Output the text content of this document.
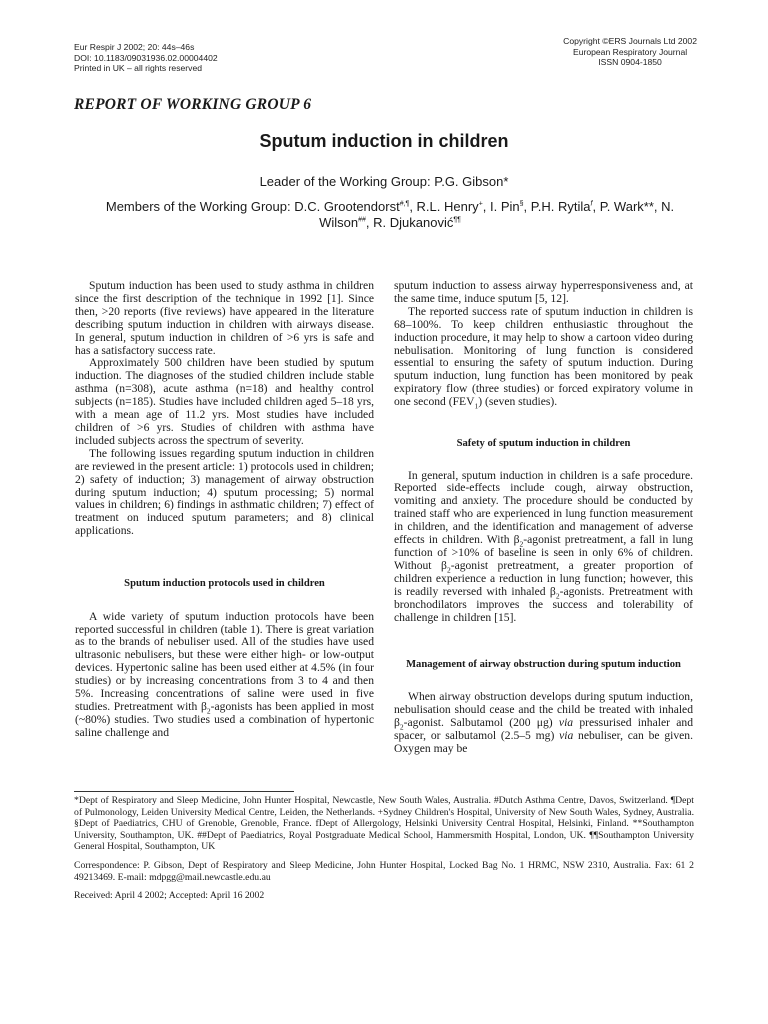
Eur Respir J 2002; 20: 44s–46s
DOI: 10.1183/09031936.02.00004402
Printed in UK – all rights reserved
Copyright ©ERS Journals Ltd 2002
European Respiratory Journal
ISSN 0904-1850
REPORT OF WORKING GROUP 6
Sputum induction in children

Leader of the Working Group: P.G. Gibson*

Members of the Working Group: D.C. Grootendorst#,¶, R.L. Henry+, I. Pin§, P.H. Rytila$^f$, P. Wark**, N. Wilson##, R. Djukanović¶¶

Sputum induction has been used to study asthma in children since the first description of the technique in 1992 [1]. Since then, >20 reports (five reviews) have appeared in the literature describing sputum induction in children with airways disease. In general, sputum induction in children of >6 yrs is safe and has a satisfactory success rate.

Approximately 500 children have been studied by sputum induction. The diagnoses of the studied children include stable asthma (n=308), acute asthma (n=18) and healthy control subjects (n=185). Studies have included children aged 5–18 yrs, with a mean age of 11.2 yrs. Most studies have included children of >6 yrs. Studies of children with asthma have included subjects across the spectrum of severity.

The following issues regarding sputum induction in children are reviewed in the present article: 1) protocols used in children; 2) safety of induction; 3) management of airway obstruction during sputum induction; 4) sputum processing; 5) normal values in children; 6) findings in asthmatic children; 7) effect of treatment on induced sputum parameters; and 8) clinical applications.

Sputum induction protocols used in children

A wide variety of sputum induction protocols have been reported successful in children (table 1). There is great variation as to the brands of nebuliser used. All of the studies have used ultrasonic nebulisers, but these were either high- or low-output devices. Hypertonic saline has been used either at 4.5% (in four studies) or by increasing concentrations from 3 to 4 and then 5%. Increasing concentrations of saline were used in five studies. Pretreatment with $\beta_2$-agonists has been applied in most (~80%) studies. Two studies used a combination of hypertonic saline challenge and

sputum induction to assess airway hyperresponsiveness and, at the same time, induce sputum [5, 12].

The reported success rate of sputum induction in children is 68–100%. To keep children enthusiastic throughout the induction procedure, it may help to show a cartoon video during nebulisation. Monitoring of lung function is considered essential to ensuring the safety of sputum induction. During sputum induction, lung function has been monitored by peak expiratory flow (three studies) or forced expiratory volume in one second $(FEV_1)$ (seven studies).

Safety of sputum induction in children

In general, sputum induction in children is a safe procedure. Reported side-effects include cough, airway obstruction, vomiting and anxiety. The procedure should be conducted by trained staff who are experienced in lung function measurement in children, and the identification and management of adverse effects in children. With $\beta_2$-agonist pretreatment, a fall in lung function of >10% of baseline is seen in only 6% of children. Without $\beta_2$-agonist pretreatment, a greater proportion of children experience a reduction in lung function; however, this is readily reversed with inhaled $\beta_2$-agonists. Pretreatment with bronchodilators improves the success and tolerability of challenge in children [15].

Management of airway obstruction during sputum induction

When airway obstruction develops during sputum induction, nebulisation should cease and the child be treated with inhaled $\beta_2$-agonist. Salbutamol (200 μg) via pressurised inhaler and spacer, or salbutamol (2.5–5 mg) via nebuliser, can be given. Oxygen may be

*Dept of Respiratory and Sleep Medicine, John Hunter Hospital, Newcastle, New South Wales, Australia. #Dutch Asthma Centre, Davos, Switzerland. ¶Dept of Pulmonology, Leiden University Medical Centre, Leiden, the Netherlands. +Sydney Children's Hospital, University of New South Wales, Sydney, Australia. §Dept of Paediatrics, CHU of Grenoble, Grenoble, France. fDept of Allergology, Helsinki University Central Hospital, Helsinki, Finland. **Southampton University, Southampton, UK. ##Dept of Paediatrics, Royal Postgraduate Medical School, Hammersmith Hospital, London, UK. ¶¶Southampton University General Hospital, Southampton, UK

Correspondence: P. Gibson, Dept of Respiratory and Sleep Medicine, John Hunter Hospital, Locked Bag No. 1 HRMC, NSW 2310, Australia. Fax: 61 2 49213469. E-mail: mdpgg@mail.newcastle.edu.au

Received: April 4 2002; Accepted: April 16 2002
